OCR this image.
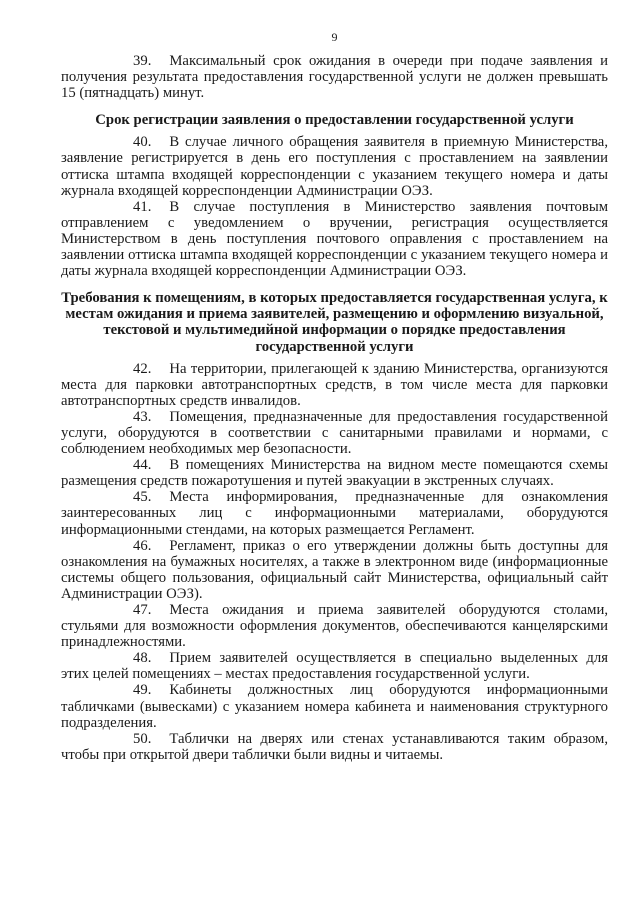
9

39. Максимальный срок ожидания в очереди при подаче заявления и получения результата предоставления государственной услуги не должен превышать 15 (пятнадцать) минут.

Срок регистрации заявления о предоставлении государственной услуги

40. В случае личного обращения заявителя в приемную Министерства, заявление регистрируется в день его поступления с проставлением на заявлении оттиска штампа входящей корреспонденции с указанием текущего номера и даты журнала входящей корреспонденции Администрации ОЭЗ.

41. В случае поступления в Министерство заявления почтовым отправлением с уведомлением о вручении, регистрация осуществляется Министерством в день поступления почтового оправления с проставлением на заявлении оттиска штампа входящей корреспонденции с указанием текущего номера и даты журнала входящей корреспонденции Администрации ОЭЗ.

Требования к помещениям, в которых предоставляется государственная услуга, к местам ожидания и приема заявителей, размещению и оформлению визуальной, текстовой и мультимедийной информации о порядке предоставления государственной услуги

42. На территории, прилегающей к зданию Министерства, организуются места для парковки автотранспортных средств, в том числе места для парковки автотранспортных средств инвалидов.

43. Помещения, предназначенные для предоставления государственной услуги, оборудуются в соответствии с санитарными правилами и нормами, с соблюдением необходимых мер безопасности.

44. В помещениях Министерства на видном месте помещаются схемы размещения средств пожаротушения и путей эвакуации в экстренных случаях.

45. Места информирования, предназначенные для ознакомления заинтересованных лиц с информационными материалами, оборудуются информационными стендами, на которых размещается Регламент.

46. Регламент, приказ о его утверждении должны быть доступны для ознакомления на бумажных носителях, а также в электронном виде (информационные системы общего пользования, официальный сайт Министерства, официальный сайт Администрации ОЭЗ).

47. Места ожидания и приема заявителей оборудуются столами, стульями для возможности оформления документов, обеспечиваются канцелярскими принадлежностями.

48. Прием заявителей осуществляется в специально выделенных для этих целей помещениях – местах предоставления государственной услуги.

49. Кабинеты должностных лиц оборудуются информационными табличками (вывесками) с указанием номера кабинета и наименования структурного подразделения.

50. Таблички на дверях или стенах устанавливаются таким образом, чтобы при открытой двери таблички были видны и читаемы.
